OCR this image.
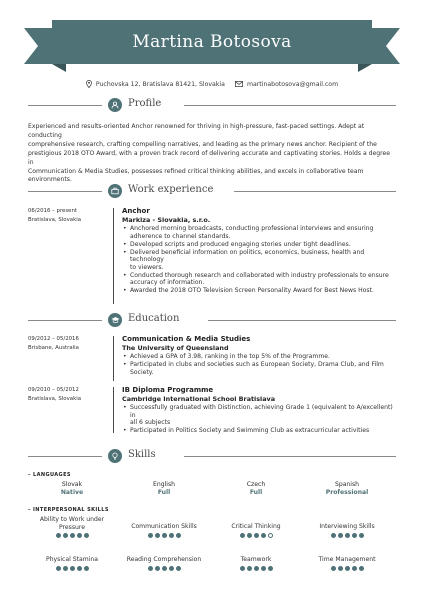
Martina Botosova
Puchovska 12, Bratislava 81421, Slovakia	martinabotosova@gmail.com
Profile
Experienced and results-oriented Anchor renowned for thriving in high-pressure, fast-paced settings. Adept at conducting
comprehensive research, crafting compelling narratives, and leading as the primary news anchor. Recipient of the
prestigious 2018 OTO Award, with a proven track record of delivering accurate and captivating stories. Holds a degree in
Communication & Media Studies, possesses refined critical thinking abilities, and excels in collaborative team
environments.
Work experience
06/2016 – present
Bratislava, Slovakia
Anchor
Markiza - Slovakia, s.r.o.
• Anchored morning broadcasts, conducting professional interviews and ensuring
adherence to channel standards.
• Developed scripts and produced engaging stories under tight deadlines.
• Delivered beneficial information on politics, economics, business, health and technology
to viewers.
• Conducted thorough research and collaborated with industry professionals to ensure
accuracy of information.
• Awarded the 2018 OTO Television Screen Personality Award for Best News Host.
Education
09/2012 – 05/2016
Brisbane, Australia
Communication & Media Studies
The University of Queensland
• Achieved a GPA of 3.98, ranking in the top 5% of the Programme.
• Participated in clubs and societies such as European Society, Drama Club, and Film
Society.
09/2010 – 05/2012
Bratislava, Slovakia
IB Diploma Programme
Cambridge International School Bratislava
• Successfully graduated with Distinction, achieving Grade 1 (equivalent to A/excellent) in
all 6 subjects
• Participated in Politics Society and Swimming Club as extracurricular activities
Skills
– LANGUAGES
Slovak
Native
English
Full
Czech
Full
Spanish
Professional
– INTERPERSONAL SKILLS
Ability to Work under
Pressure	Communication Skills	Critical Thinking	Interviewing Skills
Physical Stamina	Reading Comprehension	Teamwork	Time Management
